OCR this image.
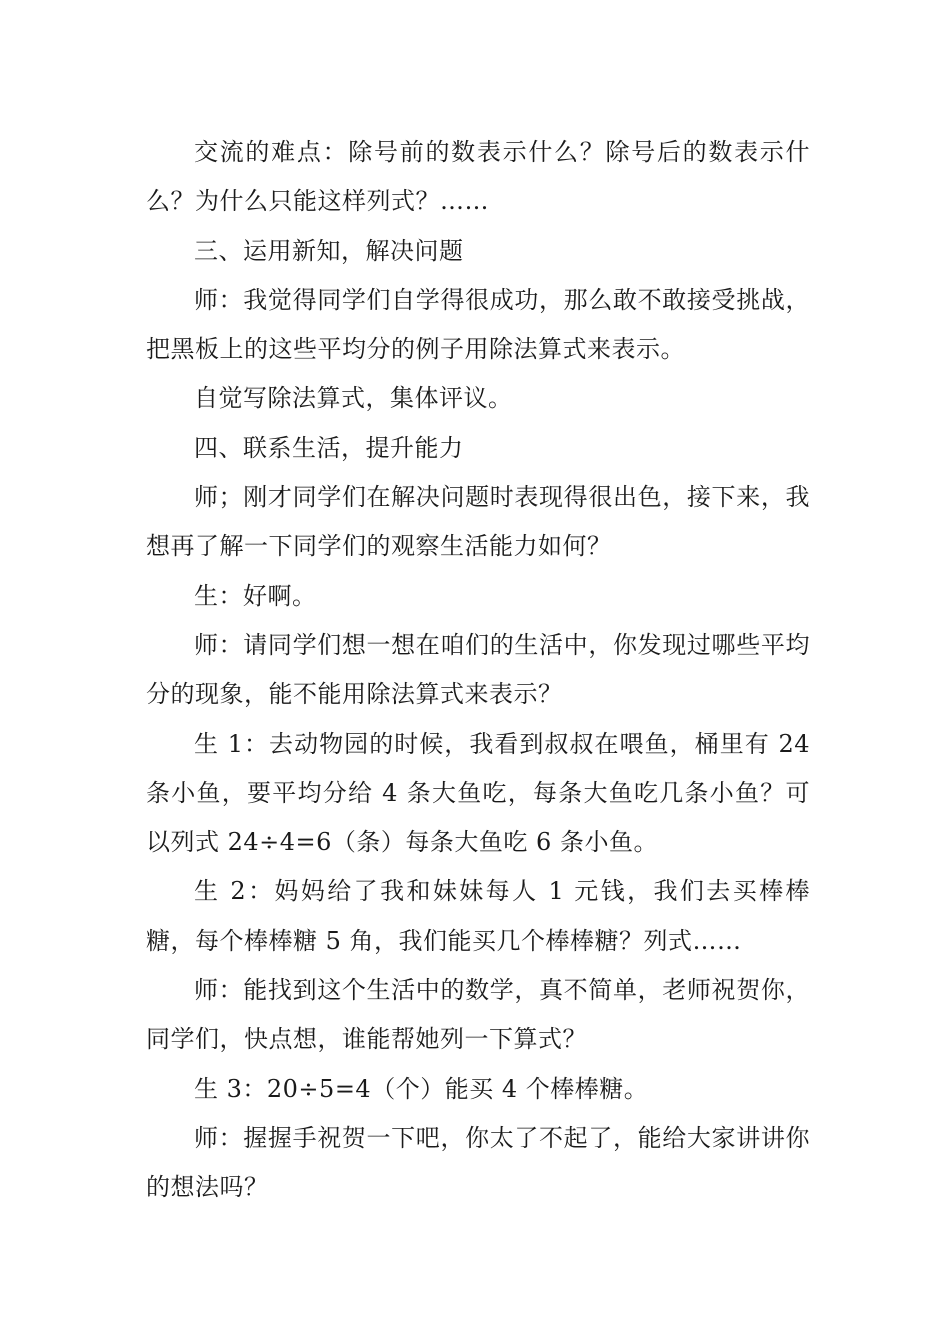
交流的难点：除号前的数表示什么？除号后的数表示什么？为什么只能这样列式？……

三、运用新知，解决问题

师：我觉得同学们自学得很成功，那么敢不敢接受挑战，把黑板上的这些平均分的例子用除法算式来表示。

自觉写除法算式，集体评议。

四、联系生活，提升能力

师；刚才同学们在解决问题时表现得很出色，接下来，我想再了解一下同学们的观察生活能力如何？

生：好啊。

师：请同学们想一想在咱们的生活中，你发现过哪些平均分的现象，能不能用除法算式来表示？

生 1：去动物园的时候，我看到叔叔在喂鱼，桶里有 24 条小鱼，要平均分给 4 条大鱼吃，每条大鱼吃几条小鱼？可以列式 24÷4=6（条）每条大鱼吃 6 条小鱼。

生 2：妈妈给了我和妹妹每人 1 元钱，我们去买棒棒糖，每个棒棒糖 5 角，我们能买几个棒棒糖？列式……

师：能找到这个生活中的数学，真不简单，老师祝贺你，同学们，快点想，谁能帮她列一下算式？

生 3：20÷5=4（个）能买 4 个棒棒糖。

师：握握手祝贺一下吧，你太了不起了，能给大家讲讲你的想法吗？
